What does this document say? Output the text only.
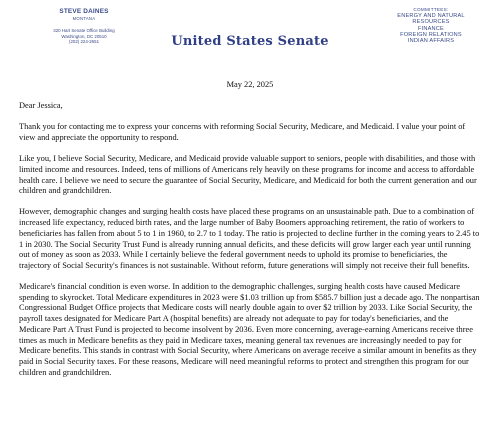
STEVE DAINES
MONTANA
320 Hart Senate Office Building
Washington, DC 20510
(202) 224-2651	United States Senate
COMMITTEES:
ENERGY AND NATURAL
RESOURCES
FINANCE
FOREIGN RELATIONS
INDIAN AFFAIRS
May 22, 2025
Dear Jessica,

Thank you for contacting me to express your concerns with reforming Social Security, Medicare, and Medicaid. I value your point of view and appreciate the opportunity to respond.

Like you, I believe Social Security, Medicare, and Medicaid provide valuable support to seniors, people with disabilities, and those with limited income and resources. Indeed, tens of millions of Americans rely heavily on these programs for income and access to affordable health care. I believe we need to secure the guarantee of Social Security, Medicare, and Medicaid for both the current generation and our children and grandchildren.

However, demographic changes and surging health costs have placed these programs on an unsustainable path. Due to a combination of increased life expectancy, reduced birth rates, and the large number of Baby Boomers approaching retirement, the ratio of workers to beneficiaries has fallen from about 5 to 1 in 1960, to 2.7 to 1 today. The ratio is projected to decline further in the coming years to 2.45 to 1 in 2030. The Social Security Trust Fund is already running annual deficits, and these deficits will grow larger each year until running out of money as soon as 2033. While I certainly believe the federal government needs to uphold its promise to beneficiaries, the trajectory of Social Security's finances is not sustainable. Without reform, future generations will simply not receive their full benefits.

Medicare's financial condition is even worse. In addition to the demographic challenges, surging health costs have caused Medicare spending to skyrocket. Total Medicare expenditures in 2023 were $1.03 trillion up from $585.7 billion just a decade ago. The nonpartisan Congressional Budget Office projects that Medicare costs will nearly double again to over $2 trillion by 2033. Like Social Security, the payroll taxes designated for Medicare Part A (hospital benefits) are already not adequate to pay for today's beneficiaries, and the Medicare Part A Trust Fund is projected to become insolvent by 2036. Even more concerning, average-earning Americans receive three times as much in Medicare benefits as they paid in Medicare taxes, meaning general tax revenues are increasingly needed to pay for Medicare benefits. This stands in contrast with Social Security, where Americans on average receive a similar amount in benefits as they paid in Social Security taxes. For these reasons, Medicare will need meaningful reforms to protect and strengthen this program for our children and grandchildren.
